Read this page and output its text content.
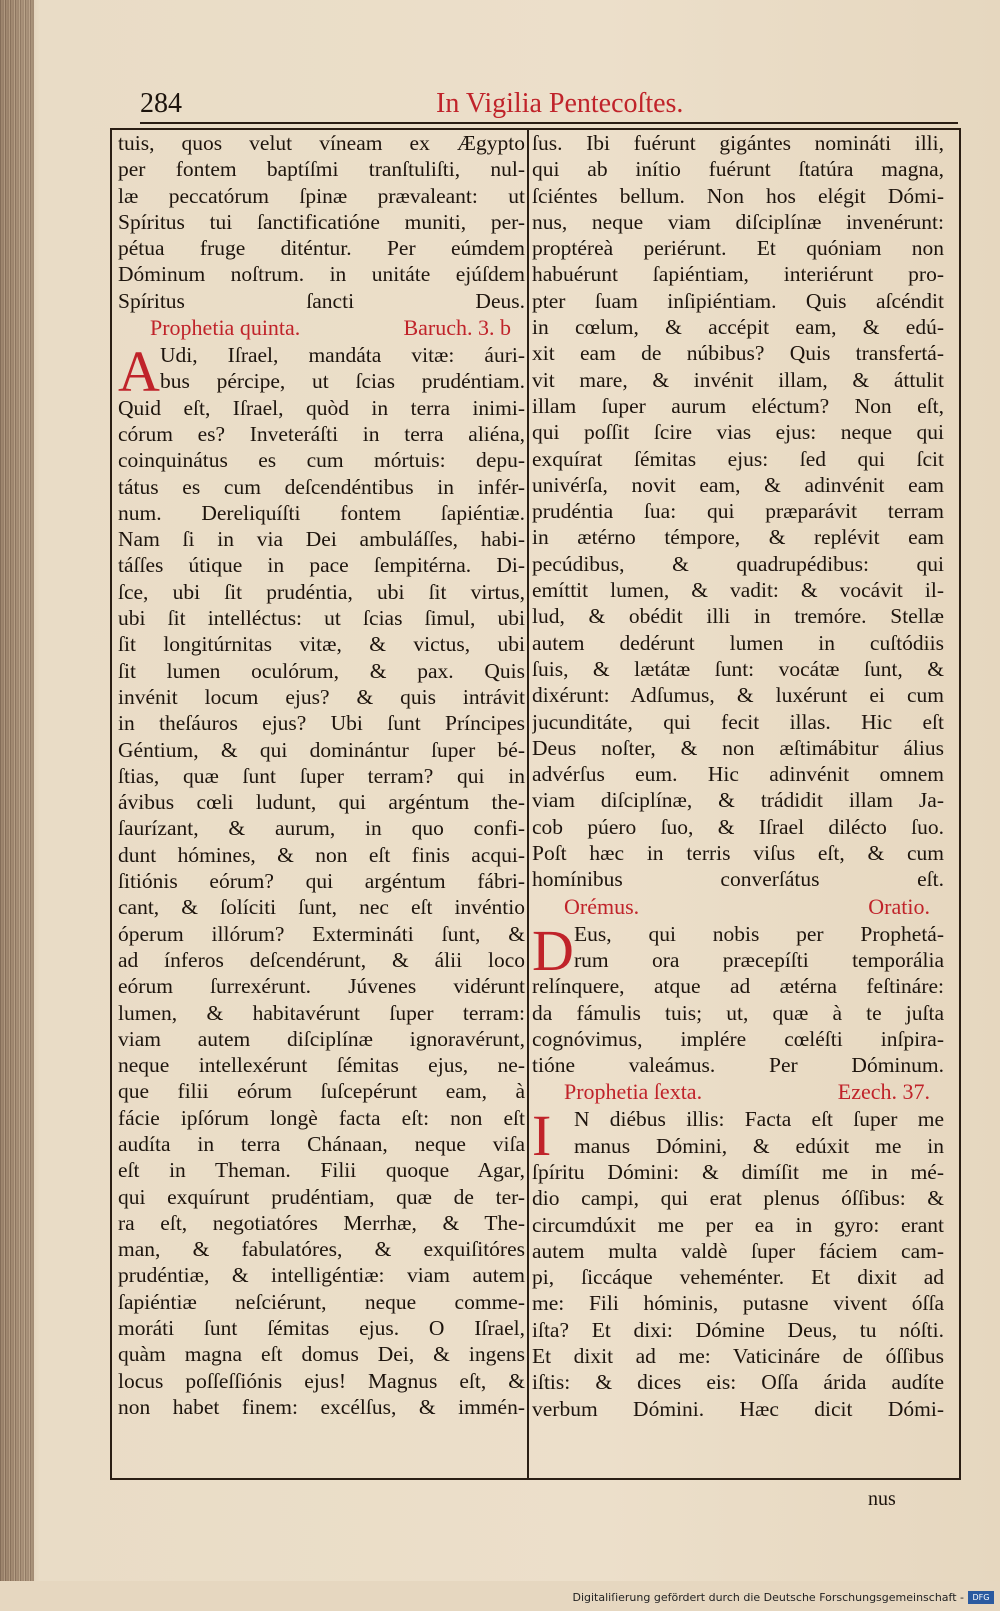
284	In Vigilia Pentecoſtes.
tuis, quos velut víneam ex Ægypto
per fontem baptíſmi tranſtuliſti, nul-
læ peccatórum ſpinæ prævaleant: ut
Spíritus tui ſanctificatióne muniti, per-
pétua fruge diténtur. Per eúmdem
Dóminum noſtrum. in unitáte ejúſdem
Spíritus ſancti Deus.
Prophetia quinta.	Baruch. 3. b
A Udi, Iſrael, mandáta vitæ: áuri-
bus pércipe, ut ſcias prudéntiam.
Quid eſt, Iſrael, quòd in terra inimi-
córum es? Inveteráſti in terra aliéna,
coinquinátus es cum mórtuis: depu-
tátus es cum deſcendéntibus in infér-
num. Dereliquíſti fontem ſapiéntiæ.
Nam ſi in via Dei ambuláſſes, habi-
táſſes útique in pace ſempitérna. Di-
ſce, ubi ſit prudéntia, ubi ſit virtus,
ubi ſit intelléctus: ut ſcias ſimul, ubi
ſit longitúrnitas vitæ, & victus, ubi
ſit lumen oculórum, & pax. Quis
invénit locum ejus? & quis intrávit
in theſáuros ejus? Ubi ſunt Príncipes
Géntium, & qui dominántur ſuper bé-
ſtias, quæ ſunt ſuper terram? qui in
ávibus cœli ludunt, qui argéntum the-
ſaurízant, & aurum, in quo confi-
dunt hómines, & non eſt finis acqui-
ſitiónis eórum? qui argéntum fábri-
cant, & ſolíciti ſunt, nec eſt invéntio
óperum illórum? Extermináti ſunt, &
ad ínferos deſcendérunt, & álii loco
eórum ſurrexérunt. Júvenes vidérunt
lumen, & habitavérunt ſuper terram:
viam autem diſciplínæ ignoravérunt,
neque intellexérunt ſémitas ejus, ne-
que filii eórum ſuſcepérunt eam, à
fácie ipſórum longè facta eſt: non eſt
audíta in terra Chánaan, neque viſa
eſt in Theman. Filii quoque Agar,
qui exquírunt prudéntiam, quæ de ter-
ra eſt, negotiatóres Merrhæ, & The-
man, & fabulatóres, & exquiſitóres
prudéntiæ, & intelligéntiæ: viam autem
ſapiéntiæ neſciérunt, neque comme-
moráti ſunt ſémitas ejus. O Iſrael,
quàm magna eſt domus Dei, & ingens
locus poſſeſſiónis ejus! Magnus eſt, &
non habet finem: excélſus, & immén-
ſus. Ibi fuérunt gigántes nomináti illi,
qui ab inítio fuérunt ſtatúra magna,
ſciéntes bellum. Non hos elégit Dómi-
nus, neque viam diſciplínæ invenérunt:
proptéreà periérunt. Et quóniam non
habuérunt ſapiéntiam, interiérunt pro-
pter ſuam inſipiéntiam. Quis aſcéndit
in cœlum, & accépit eam, & edú-
xit eam de núbibus? Quis transfertá-
vit mare, & invénit illam, & áttulit
illam ſuper aurum eléctum? Non eſt,
qui poſſit ſcire vias ejus: neque qui
exquírat ſémitas ejus: ſed qui ſcit
univérſa, novit eam, & adinvénit eam
prudéntia ſua: qui præparávit terram
in ætérno témpore, & replévit eam
pecúdibus, & quadrupédibus: qui
emíttit lumen, & vadit: & vocávit il-
lud, & obédit illi in tremóre. Stellæ
autem dedérunt lumen in cuſtódiis
ſuis, & lætátæ ſunt: vocátæ ſunt, &
dixérunt: Adſumus, & luxérunt ei cum
jucunditáte, qui fecit illas. Hic eſt
Deus noſter, & non æſtimábitur álius
advérſus eum. Hic adinvénit omnem
viam diſciplínæ, & trádidit illam Ja-
cob púero ſuo, & Iſrael dilécto ſuo.
Poſt hæc in terris viſus eſt, & cum
homínibus converſátus eſt.
Orémus.	Oratio.
D Eus, qui nobis per Prophetá-
rum ora præcepíſti temporália
relínquere, atque ad ætérna feſtináre:
da fámulis tuis; ut, quæ à te juſta
cognóvimus, implére cœléſti inſpira-
tióne valeámus. Per Dóminum.
Prophetia ſexta.	Ezech. 37.
I	N diébus illis: Facta eſt ſuper me
manus Dómini, & edúxit me in
ſpíritu Dómini: & dimíſit me in mé-
dio campi, qui erat plenus óſſibus: &
circumdúxit me per ea in gyro: erant
autem multa valdè ſuper fáciem cam-
pi, ſiccáque veheménter. Et dixit ad
me: Fili hóminis, putasne vivent óſſa
iſta? Et dixi: Dómine Deus, tu nóſti.
Et dixit ad me: Vaticináre de óſſibus
iſtis: & dices eis: Oſſa árida audíte
verbum Dómini. Hæc dicit Dómi-
nus
Digitaliſierung gefördert durch die Deutsche Forschungsgemeinschaft -	DFG
